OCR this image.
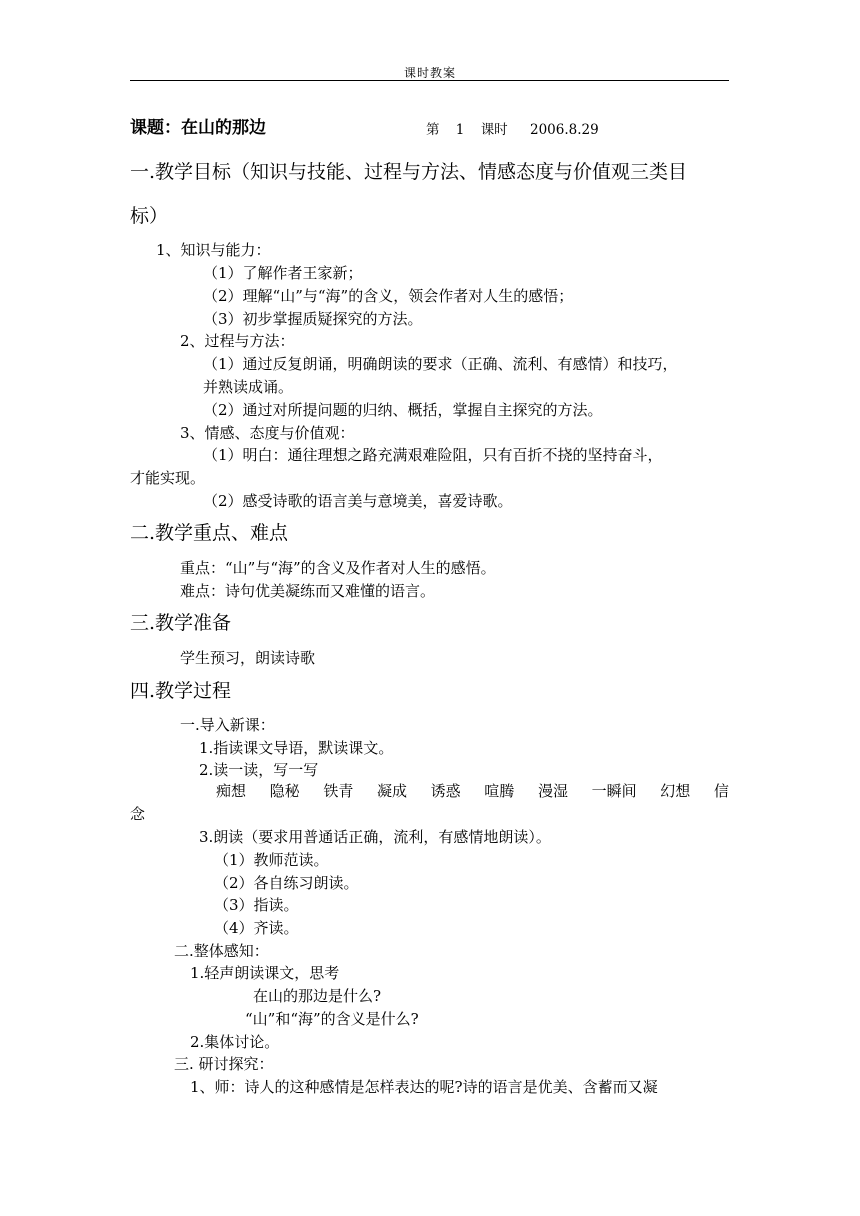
课时教案
课题：在山的那边	第 1 课时 2006.8.29
一.教学目标（知识与技能、过程与方法、情感态度与价值观三类目
标）
1、知识与能力：
（1）了解作者王家新；
（2）理解“山”与“海”的含义，领会作者对人生的感悟；
（3）初步掌握质疑探究的方法。
2、过程与方法：
（1）通过反复朗诵，明确朗读的要求（正确、流利、有感情）和技巧，
并熟读成诵。
（2）通过对所提问题的归纳、概括，掌握自主探究的方法。
3、情感、态度与价值观：
（1）明白：通往理想之路充满艰难险阻，只有百折不挠的坚持奋斗，
才能实现。
（2）感受诗歌的语言美与意境美，喜爱诗歌。
二.教学重点、难点
重点：“山”与“海”的含义及作者对人生的感悟。
难点：诗句优美凝练而又难懂的语言。
三.教学准备
学生预习，朗读诗歌
四.教学过程
一.导入新课：
1.指读课文导语，默读课文。
2.读一读，写一写
痴想 隐秘 铁青 凝成 诱惑 喧腾 漫湿 一瞬间 幻想 信
念
3.朗读（要求用普通话正确，流利，有感情地朗读）。
（1）教师范读。
（2）各自练习朗读。
（3）指读。
（4）齐读。
二.整体感知：
1.轻声朗读课文，思考
在山的那边是什么?
“山”和“海”的含义是什么?
2.集体讨论。
三. 研讨探究：
1、师：诗人的这种感情是怎样表达的呢?诗的语言是优美、含蓄而又凝
